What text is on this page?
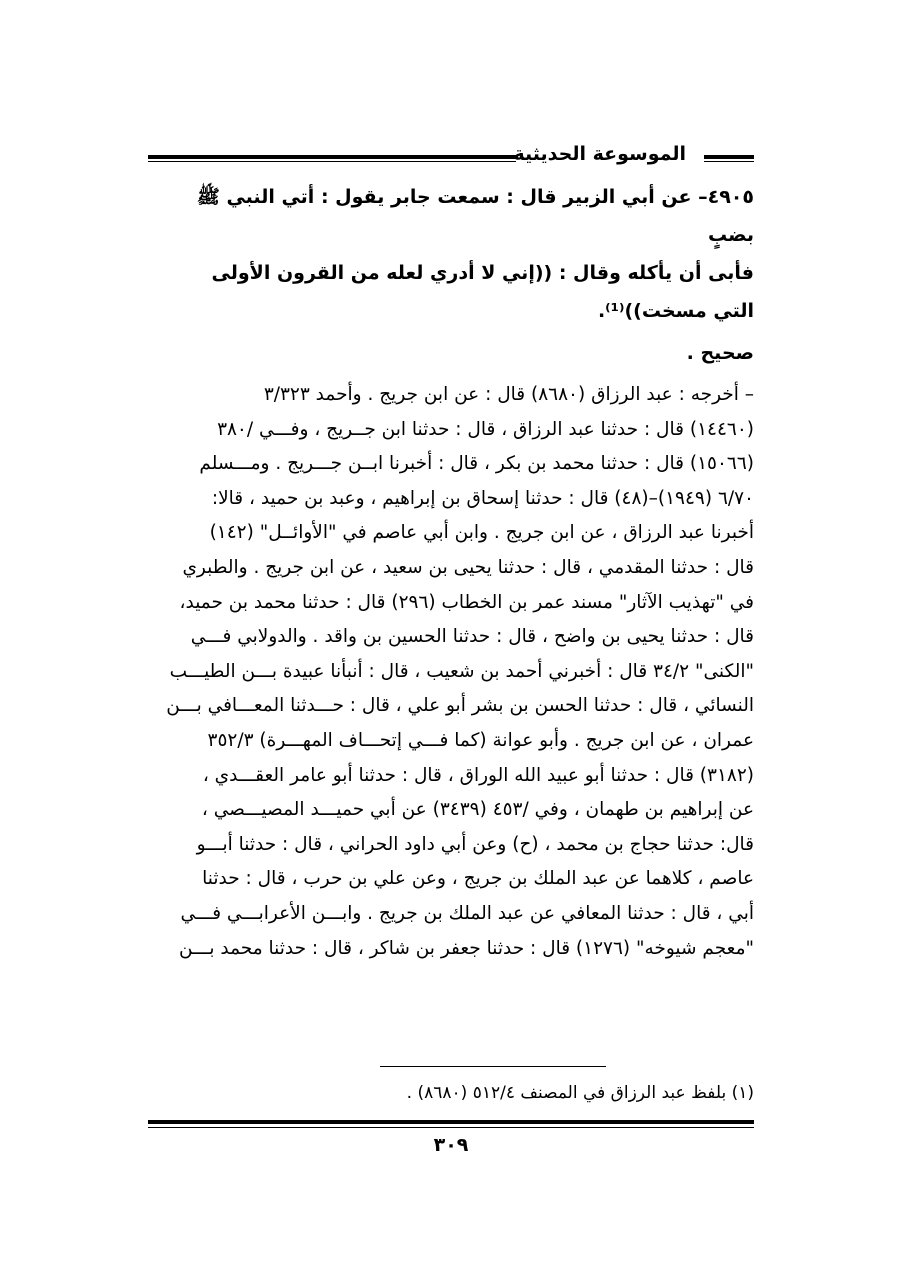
الموسوعة الحديثية
٤٩٠٥– عن أبي الزبير قال : سمعت جابر يقول : أتي النبي ﷺ بضبٍ
فأبى أن يأكله وقال : ((إني لا أدري لعله من القرون الأولى
التي مسخت))⁽¹⁾.
صحيح .

– أخرجه : عبد الرزاق (٨٦٨٠) قال : عن ابن جريج . وأحمد ٣/٣٢٣

(١٤٤٦٠) قال : حدثنا عبد الرزاق ، قال : حدثنا ابن جــريج ، وفـــي /٣٨٠

(١٥٠٦٦) قال : حدثنا محمد بن بكر ، قال : أخبرنا ابــن جـــريج . ومـــسلم

٦/٧٠ (١٩٤٩)–(٤٨) قال : حدثنا إسحاق بن إبراهيم ، وعبد بن حميد ، قالا:

أخبرنا عبد الرزاق ، عن ابن جريج . وابن أبي عاصم في "الأوائــل" (١٤٢)

قال : حدثنا المقدمي ، قال : حدثنا يحيى بن سعيد ، عن ابن جريج . والطبري

في "تهذيب الآثار" مسند عمر بن الخطاب (٢٩٦) قال : حدثنا محمد بن حميد،

قال : حدثنا يحيى بن واضح ، قال : حدثنا الحسين بن واقد . والدولابي فـــي

"الكنى" ٣٤/٢ قال : أخبرني أحمد بن شعيب ، قال : أنبأنا عبيدة بـــن الطيـــب

النسائي ، قال : حدثنا الحسن بن بشر أبو علي ، قال : حـــدثنا المعـــافي بـــن

عمران ، عن ابن جريج . وأبو عوانة (كما فـــي إتحـــاف المهـــرة) ٣٥٢/٣

(٣١٨٢) قال : حدثنا أبو عبيد الله الوراق ، قال : حدثنا أبو عامر العقـــدي ،

عن إبراهيم بن طهمان ، وفي /٤٥٣ (٣٤٣٩) عن أبي حميـــد المصيـــصي ،

قال: حدثنا حجاج بن محمد ، (ح) وعن أبي داود الحراني ، قال : حدثنا أبـــو

عاصم ، كلاهما عن عبد الملك بن جريج ، وعن علي بن حرب ، قال : حدثنا

أبي ، قال : حدثنا المعافي عن عبد الملك بن جريج . وابـــن الأعرابـــي فـــي

"معجم شيوخه" (١٢٧٦) قال : حدثنا جعفر بن شاكر ، قال : حدثنا محمد بـــن

(١) بلفظ عبد الرزاق في المصنف ٥١٢/٤ (٨٦٨٠) .
٣٠٩
